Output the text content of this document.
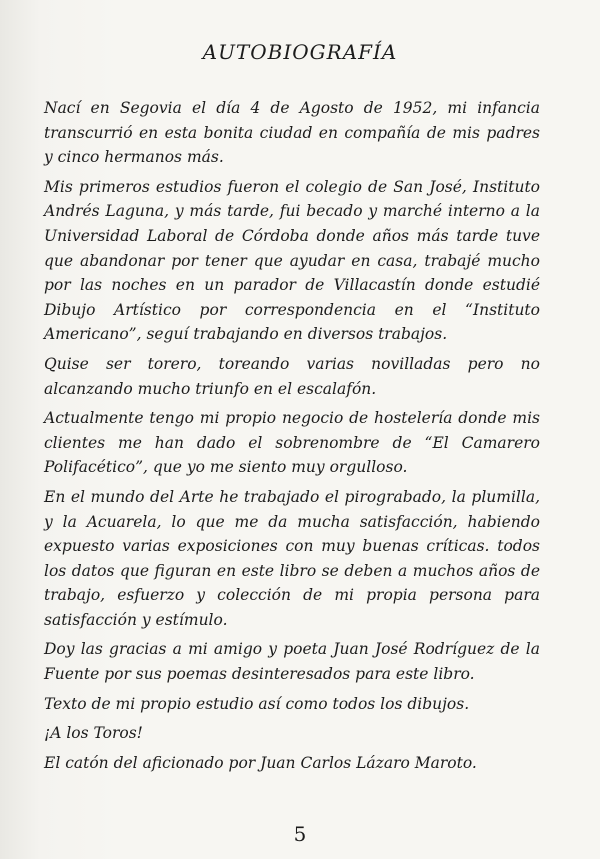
AUTOBIOGRAFÍA

Nací en Segovia el día 4 de Agosto de 1952, mi infancia transcurrió en esta bonita ciudad en compañía de mis padres y cinco hermanos más.

Mis primeros estudios fueron el colegio de San José, Instituto Andrés Laguna, y más tarde, fui becado y marché interno a la Universidad Laboral de Córdoba donde años más tarde tuve que abandonar por tener que ayudar en casa, trabajé mucho por las noches en un parador de Villacastín donde estudié Dibujo Artístico por correspondencia en el “Instituto Americano”, seguí trabajando en diversos trabajos.

Quise ser torero, toreando varias novilladas pero no alcanzando mucho triunfo en el escalafón.

Actualmente tengo mi propio negocio de hostelería donde mis clientes me han dado el sobrenombre de “El Camarero Polifacético”, que yo me siento muy orgulloso.

En el mundo del Arte he trabajado el pirograbado, la plumilla, y la Acuarela, lo que me da mucha satisfacción, habiendo expuesto varias exposiciones con muy buenas críticas. todos los datos que figuran en este libro se deben a muchos años de trabajo, esfuerzo y colección de mi propia persona para satisfacción y estímulo.

Doy las gracias a mi amigo y poeta Juan José Rodríguez de la Fuente por sus poemas desinteresados para este libro.

Texto de mi propio estudio así como todos los dibujos.

¡A los Toros!

El catón del aficionado por Juan Carlos Lázaro Maroto.

5
